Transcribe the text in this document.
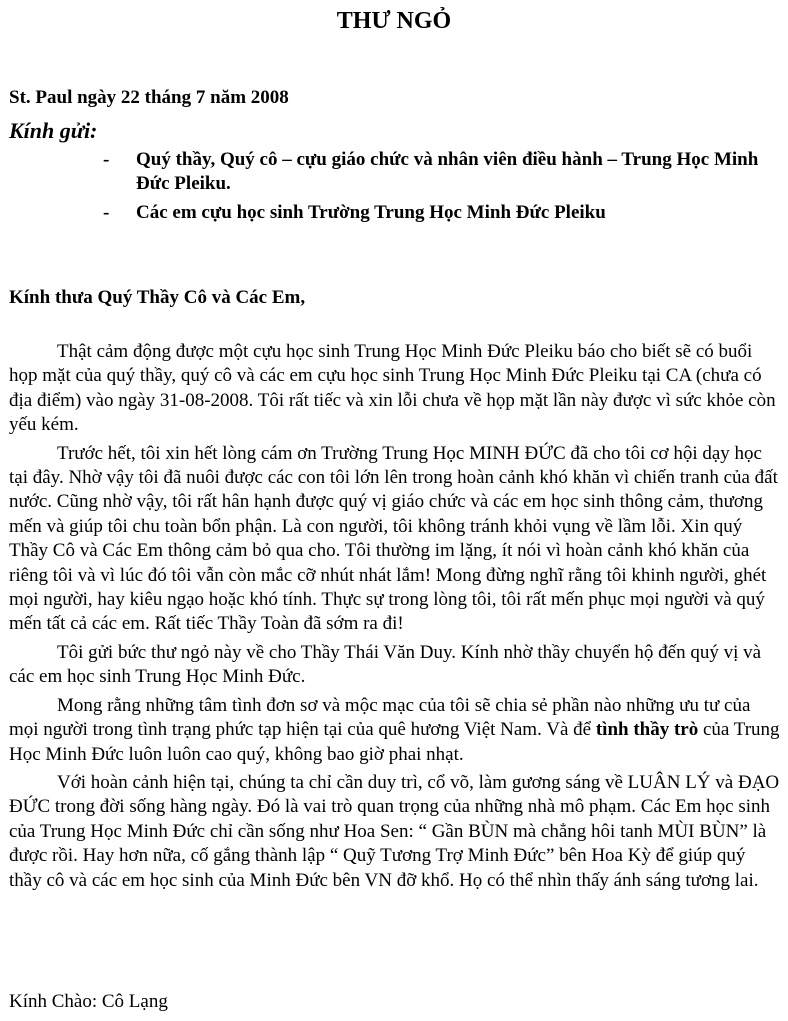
THƯ NGỎ
St. Paul ngày 22 tháng 7 năm 2008
Kính gửi:
- Quý thầy, Quý cô – cựu giáo chức và nhân viên điều hành – Trung Học Minh Đức Pleiku.
- Các em cựu học sinh Trường Trung Học Minh Đức Pleiku
Kính thưa Quý Thầy Cô và Các Em,

Thật cảm động được một cựu học sinh Trung Học Minh Đức Pleiku báo cho biết sẽ có buổi họp mặt của quý thầy, quý cô và các em cựu học sinh Trung Học Minh Đức Pleiku tại CA (chưa có địa điểm) vào ngày 31-08-2008. Tôi rất tiếc và xin lỗi chưa về họp mặt lần này được vì sức khỏe còn yếu kém.

Trước hết, tôi xin hết lòng cám ơn Trường Trung Học MINH ĐỨC đã cho tôi cơ hội dạy học tại đây. Nhờ vậy tôi đã nuôi được các con tôi lớn lên trong hoàn cảnh khó khăn vì chiến tranh của đất nước. Cũng nhờ vậy, tôi rất hân hạnh được quý vị giáo chức và các em học sinh thông cảm, thương mến và giúp tôi chu toàn bổn phận. Là con người, tôi không tránh khỏi vụng về lầm lỗi. Xin quý Thầy Cô và Các Em thông cảm bỏ qua cho. Tôi thường im lặng, ít nói vì hoàn cảnh khó khăn của riêng tôi và vì lúc đó tôi vẫn còn mắc cỡ nhút nhát lắm! Mong đừng nghĩ rằng tôi khinh người, ghét mọi người, hay kiêu ngạo hoặc khó tính. Thực sự trong lòng tôi, tôi rất mến phục mọi người và quý mến tất cả các em. Rất tiếc Thầy Toàn đã sớm ra đi!

Tôi gửi bức thư ngỏ này về cho Thầy Thái Văn Duy. Kính nhờ thầy chuyển hộ đến quý vị và các em học sinh Trung Học Minh Đức.

Mong rằng những tâm tình đơn sơ và mộc mạc của tôi sẽ chia sẻ phần nào những ưu tư của mọi người trong tình trạng phức tạp hiện tại của quê hương Việt Nam. Và để tình thầy trò của Trung Học Minh Đức luôn luôn cao quý, không bao giờ phai nhạt.

Với hoàn cảnh hiện tại, chúng ta chỉ cần duy trì, cổ võ, làm gương sáng về LUÂN LÝ và ĐẠO ĐỨC trong đời sống hàng ngày. Đó là vai trò quan trọng của những nhà mô phạm. Các Em học sinh của Trung Học Minh Đức chỉ cần sống như Hoa Sen: “ Gần BÙN mà chẳng hôi tanh MÙI BÙN” là được rồi. Hay hơn nữa, cố gắng thành lập “ Quỹ Tương Trợ Minh Đức” bên Hoa Kỳ để giúp quý thầy cô và các em học sinh của Minh Đức bên VN đỡ khổ. Họ có thể nhìn thấy ánh sáng tương lai.

Kính Chào: Cô Lạng
